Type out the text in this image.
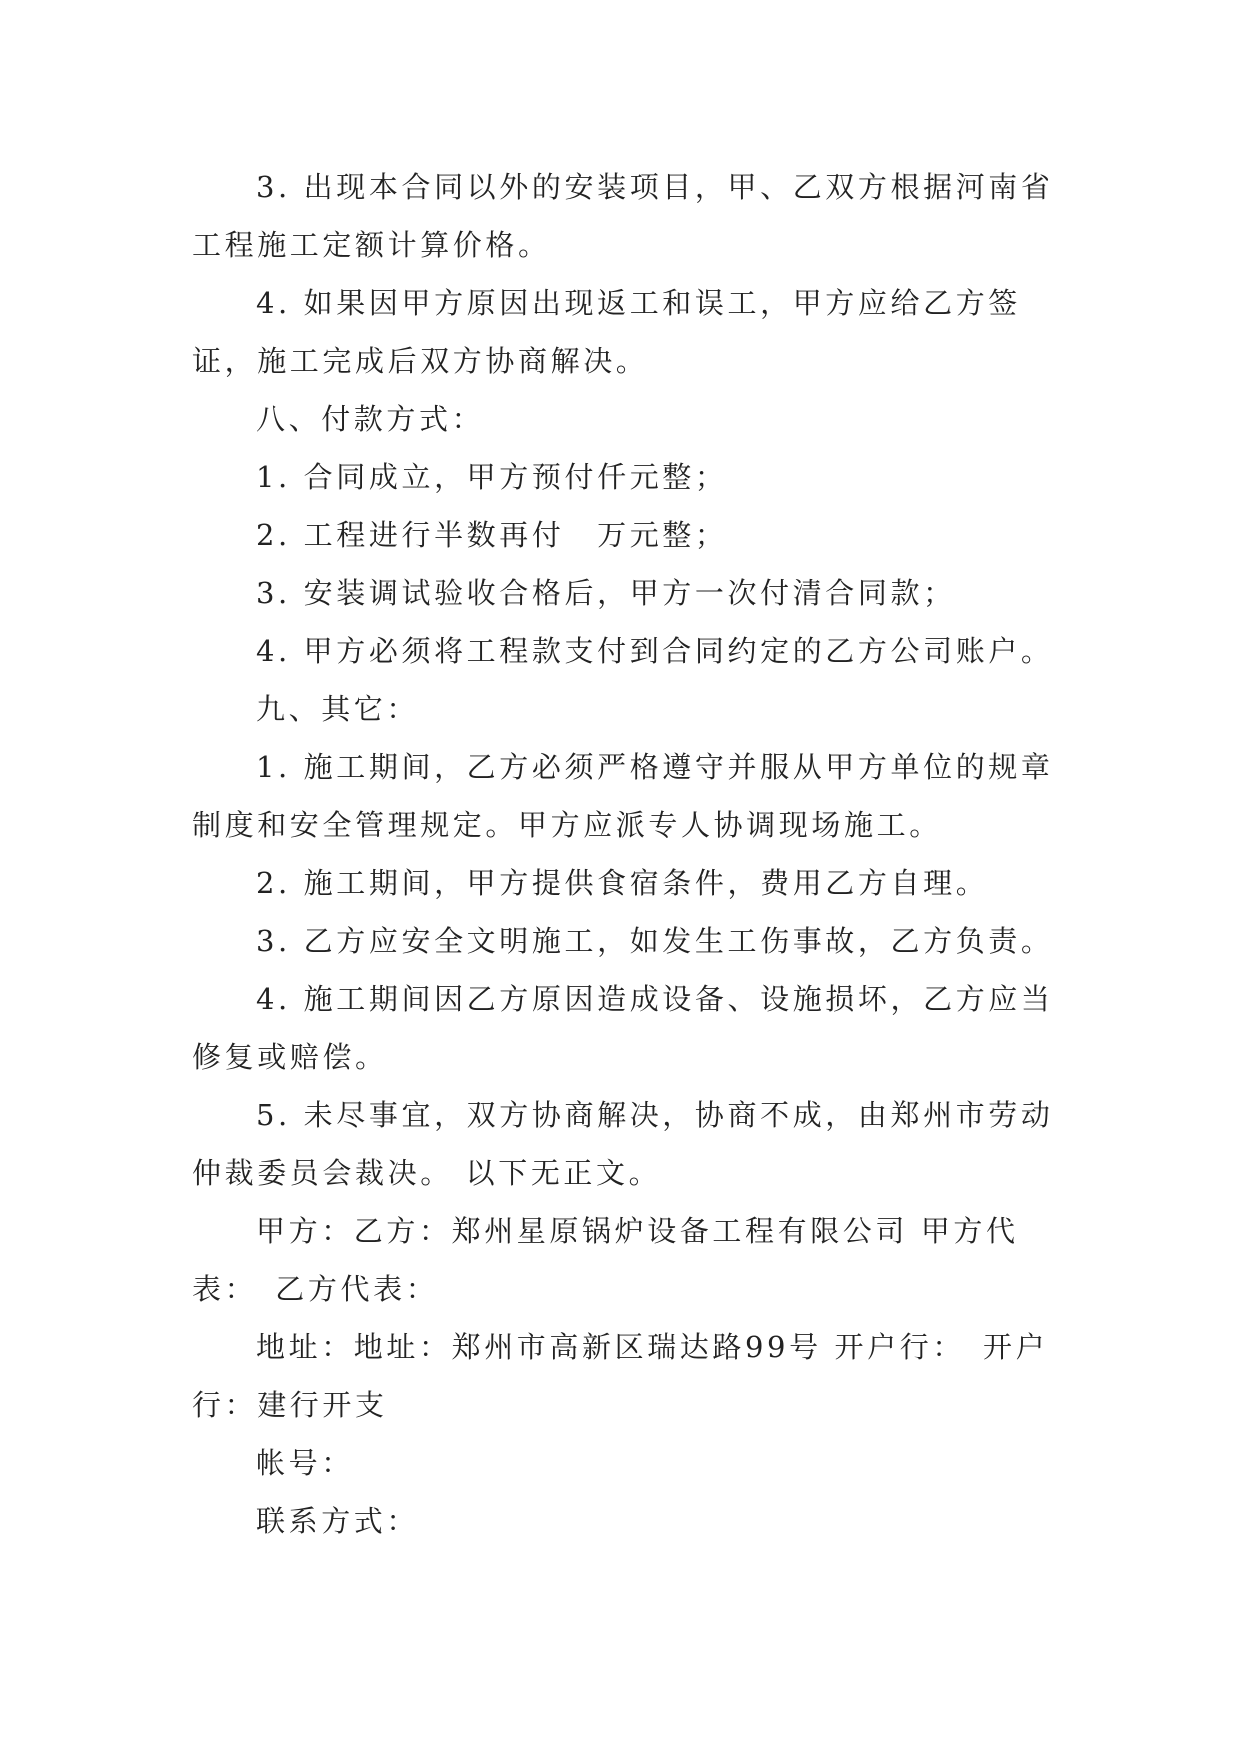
3. 出现本合同以外的安装项目，甲、乙双方根据河南省工程施工定额计算价格。

4. 如果因甲方原因出现返工和误工，甲方应给乙方签证，施工完成后双方协商解决。

八、付款方式：

1. 合同成立，甲方预付仟元整；

2. 工程进行半数再付　万元整；

3. 安装调试验收合格后，甲方一次付清合同款；

4. 甲方必须将工程款支付到合同约定的乙方公司账户。

九、其它：

1. 施工期间，乙方必须严格遵守并服从甲方单位的规章制度和安全管理规定。甲方应派专人协调现场施工。

2. 施工期间，甲方提供食宿条件，费用乙方自理。

3. 乙方应安全文明施工，如发生工伤事故，乙方负责。

4. 施工期间因乙方原因造成设备、设施损坏，乙方应当修复或赔偿。

5. 未尽事宜，双方协商解决，协商不成，由郑州市劳动仲裁委员会裁决。 以下无正文。

甲方：乙方：郑州星原锅炉设备工程有限公司 甲方代表：　乙方代表：

地址：地址：郑州市高新区瑞达路99号 开户行：　开户行：建行开支

帐号：

联系方式：
